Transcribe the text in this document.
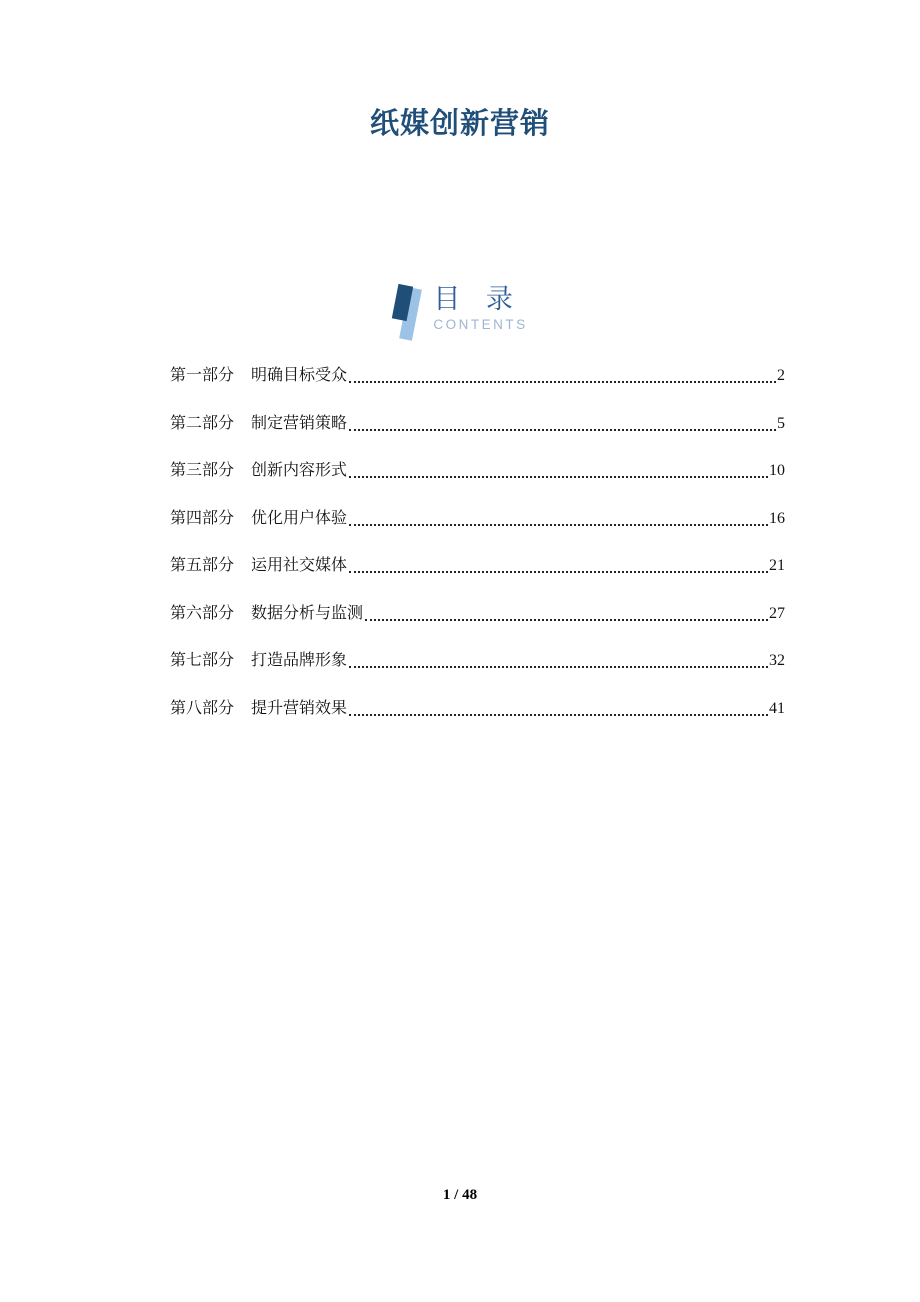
纸媒创新营销
目 录
CONTENTS
第一部分 明确目标受众	2
第二部分 制定营销策略	5
第三部分 创新内容形式	10
第四部分 优化用户体验	16
第五部分 运用社交媒体	21
第六部分 数据分析与监测	27
第七部分 打造品牌形象	32
第八部分 提升营销效果	41
1 / 48
